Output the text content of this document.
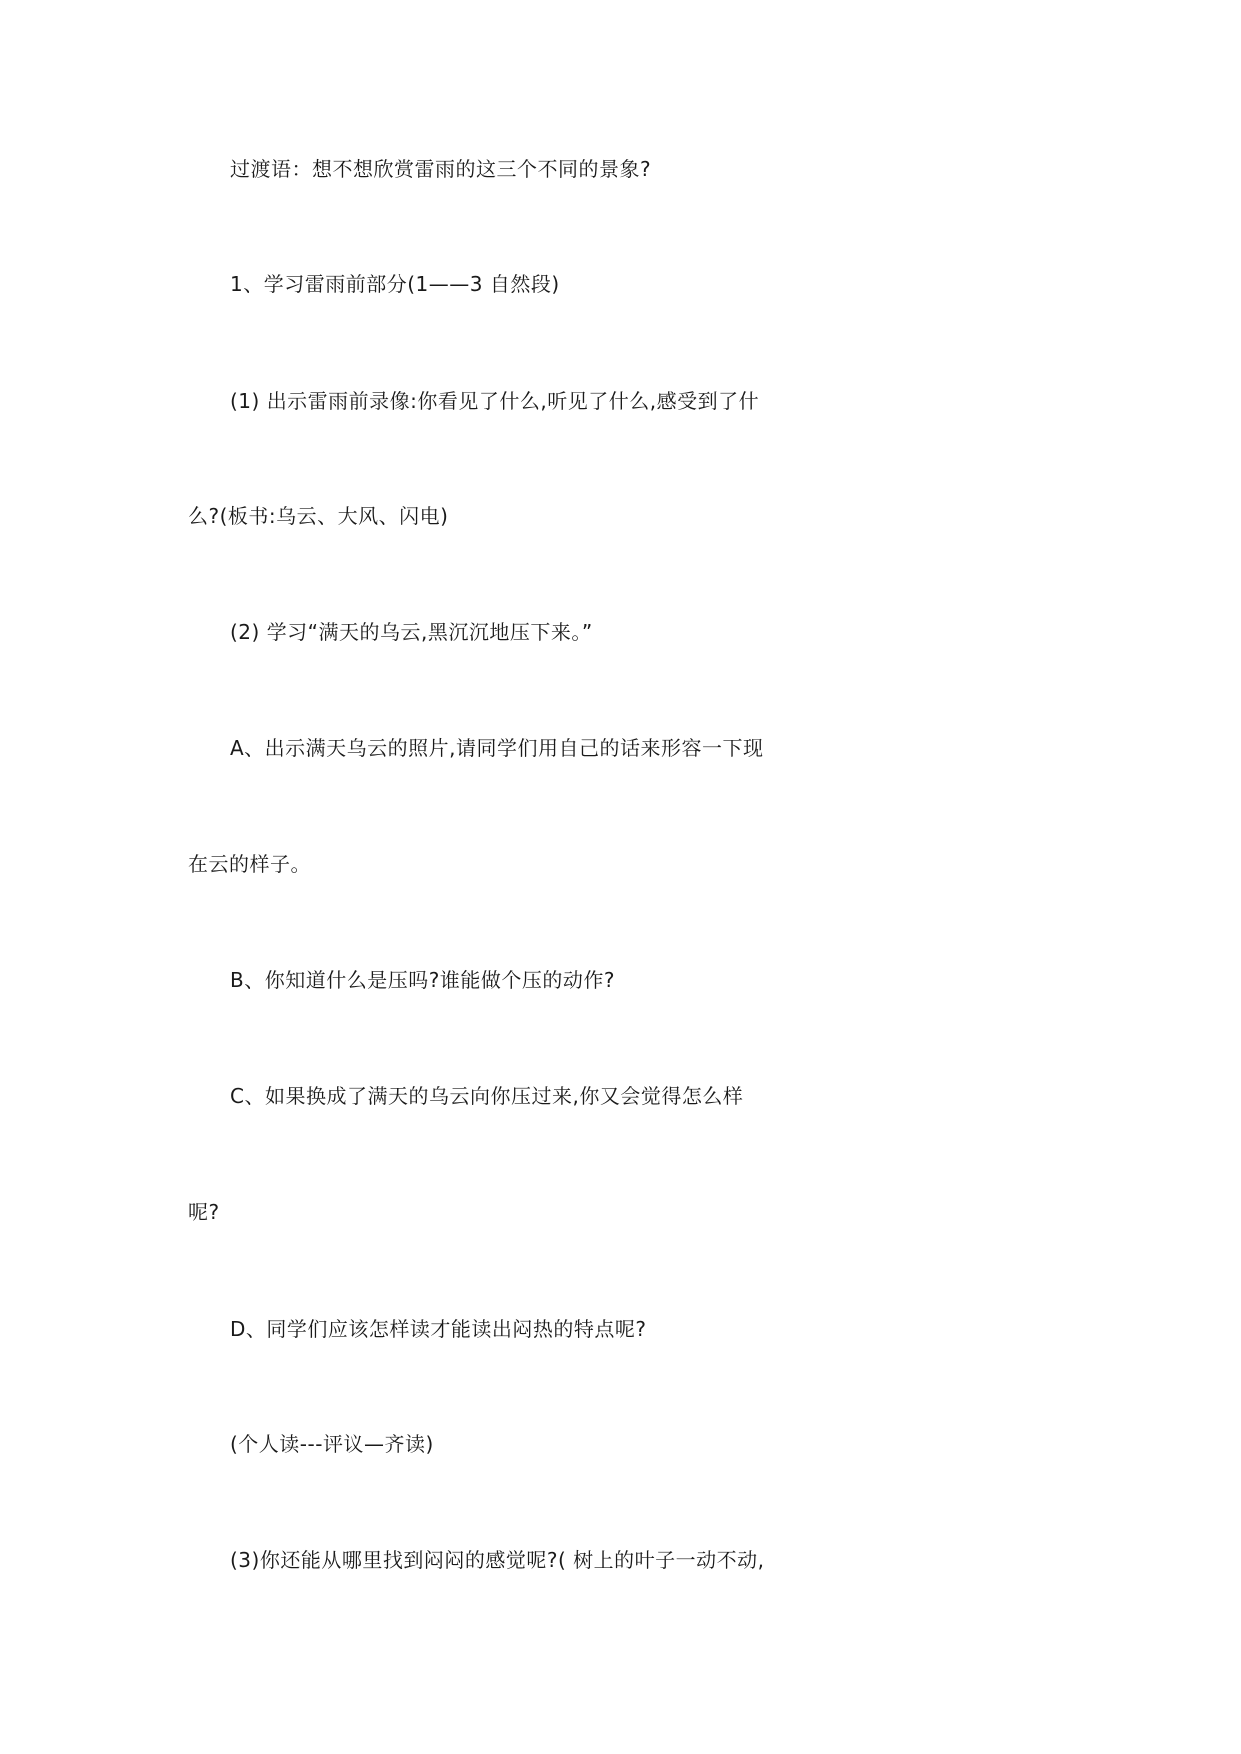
过渡语：想不想欣赏雷雨的这三个不同的景象?
1、学习雷雨前部分(1——3 自然段)
(1) 出示雷雨前录像:你看见了什么,听见了什么,感受到了什
么?(板书:乌云、大风、闪电)
(2) 学习“满天的乌云,黑沉沉地压下来。”
A、出示满天乌云的照片,请同学们用自己的话来形容一下现
在云的样子。
B、你知道什么是压吗?谁能做个压的动作?
C、如果换成了满天的乌云向你压过来,你又会觉得怎么样
呢?
D、同学们应该怎样读才能读出闷热的特点呢?
(个人读---评议—齐读)
(3)你还能从哪里找到闷闷的感觉呢?( 树上的叶子一动不动,
